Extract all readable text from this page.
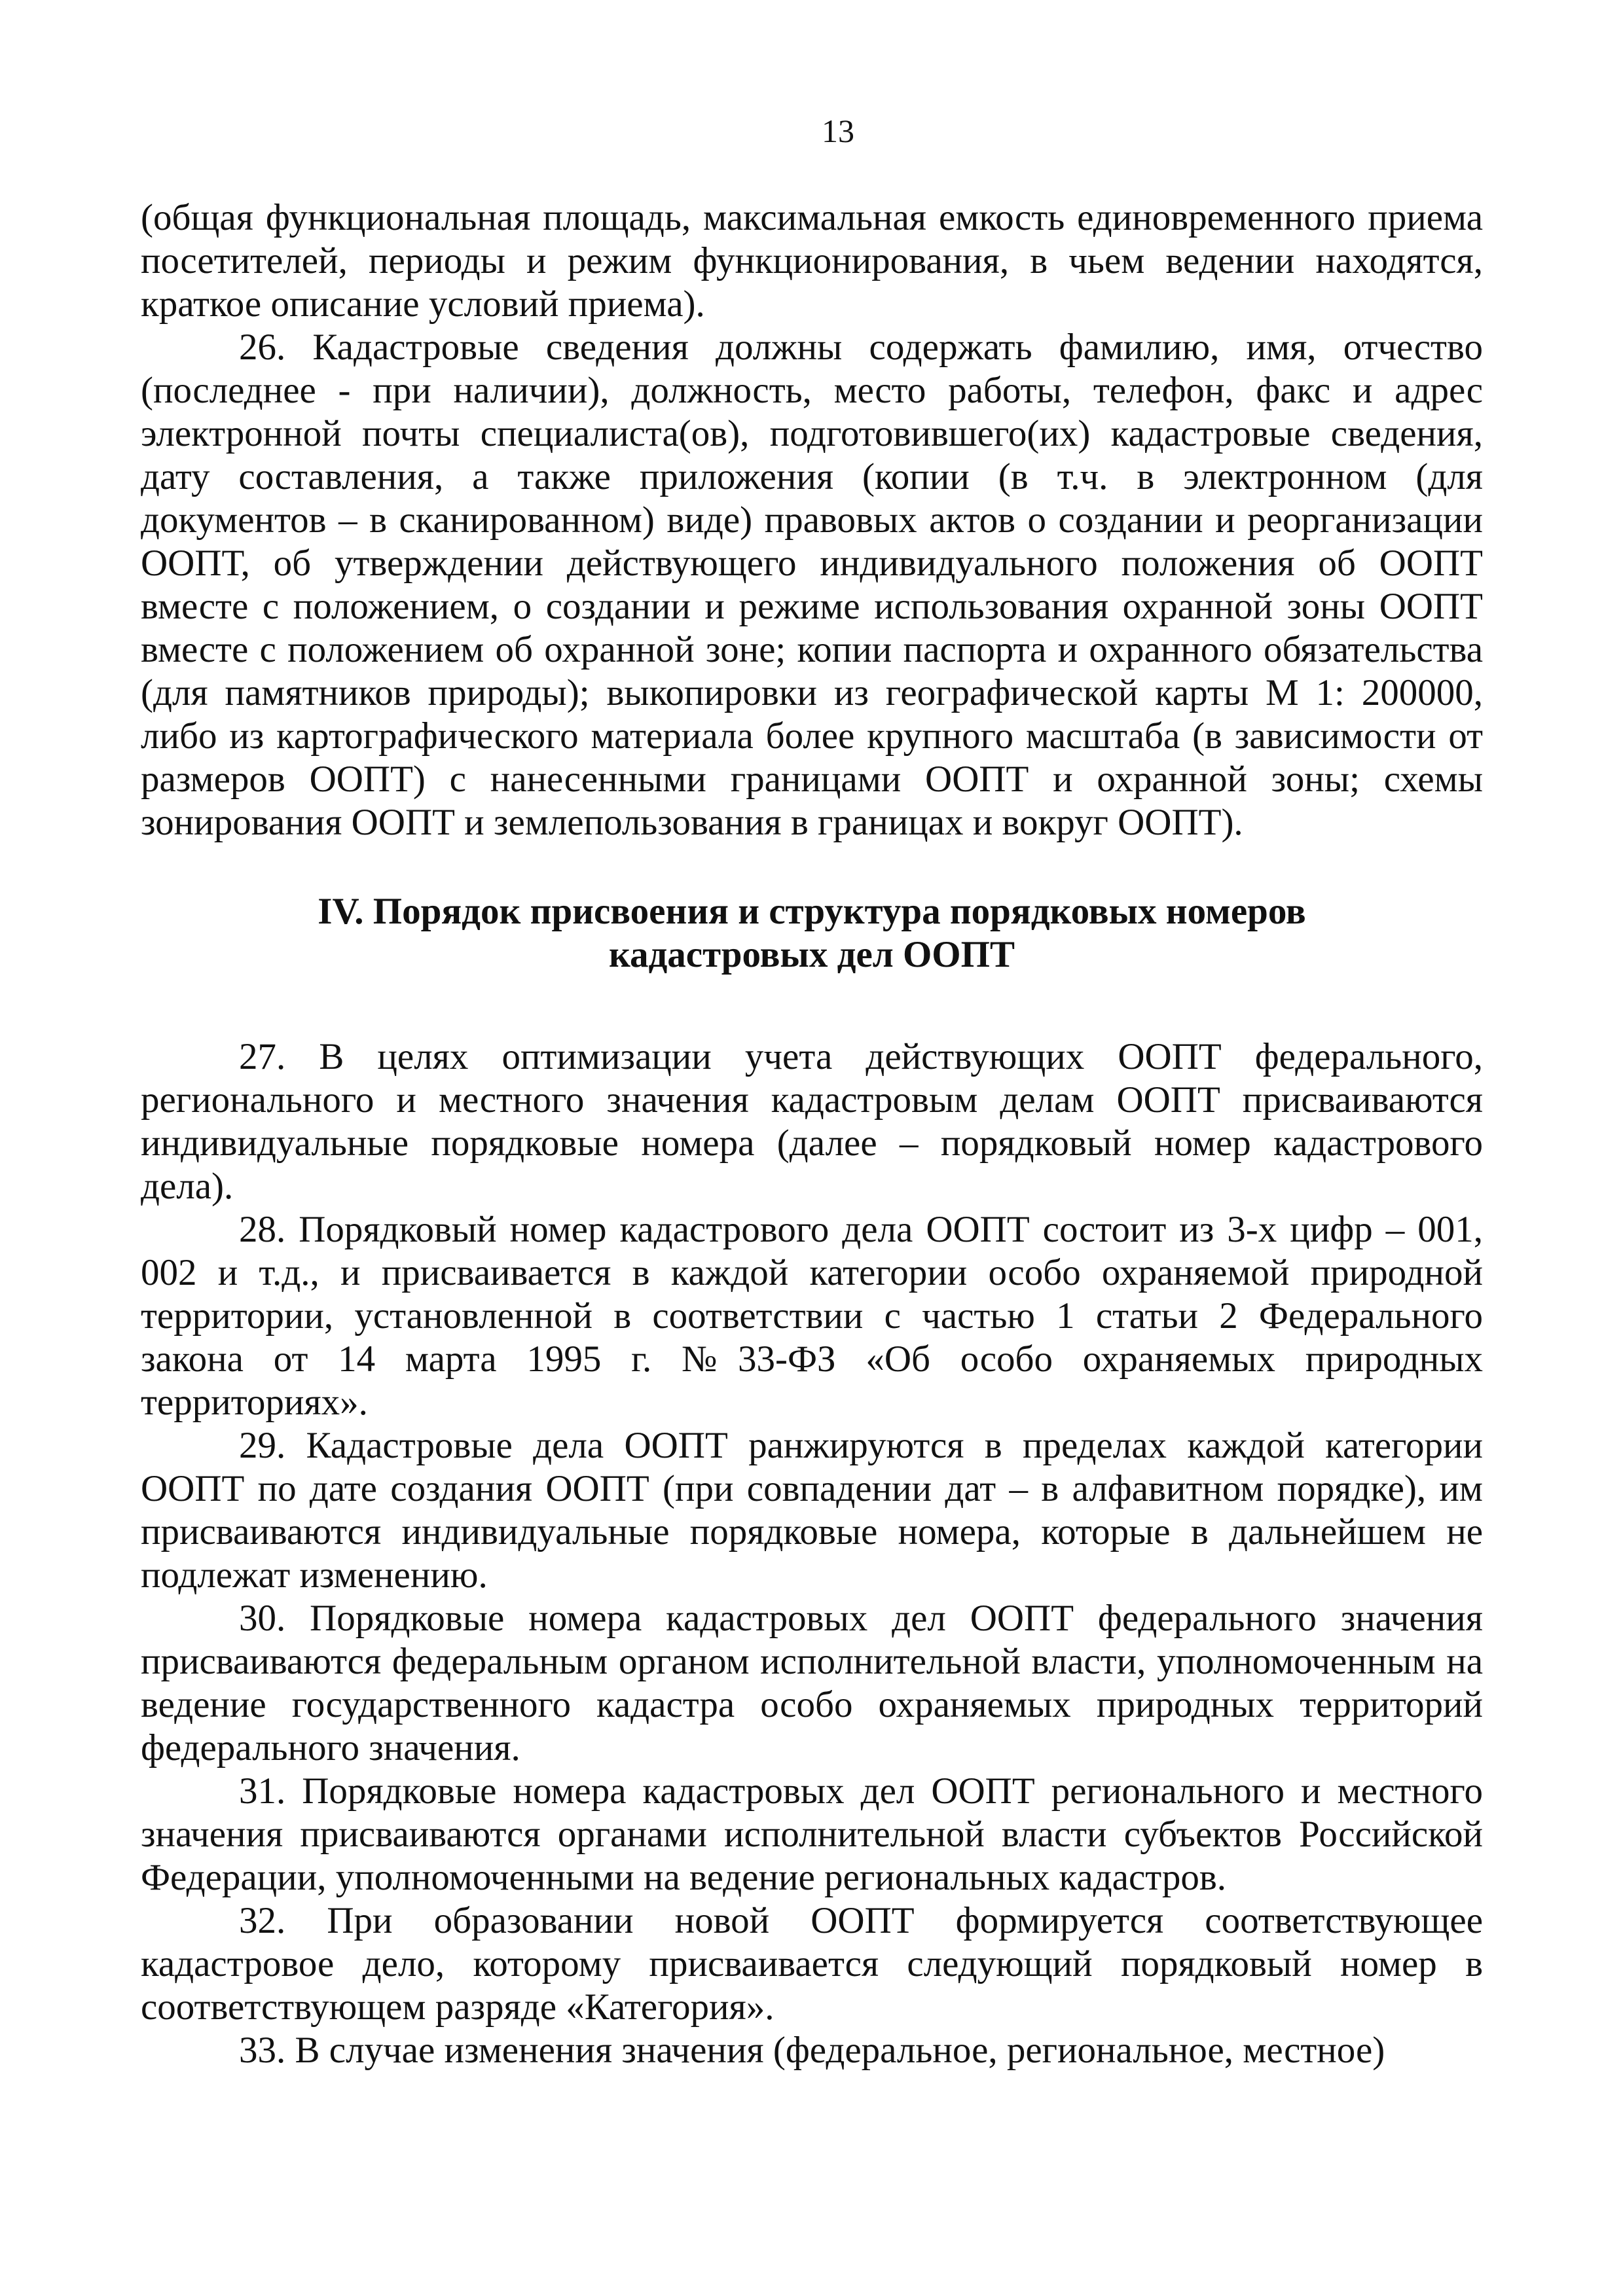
13

(общая функциональная площадь, максимальная емкость единовременного приема посетителей, периоды и режим функционирования, в чьем ведении находятся, краткое описание условий приема).

26. Кадастровые сведения должны содержать фамилию, имя, отчество (последнее - при наличии), должность, место работы, телефон, факс и адрес электронной почты специалиста(ов), подготовившего(их) кадастровые сведения, дату составления, а также приложения (копии (в т.ч. в электронном (для документов – в сканированном) виде) правовых актов о создании и реорганизации ООПТ, об утверждении действующего индивидуального положения об ООПТ вместе с положением, о создании и режиме использования охранной зоны ООПТ вместе с положением об охранной зоне; копии паспорта и охранного обязательства (для памятников природы); выкопировки из географической карты М 1: 200000, либо из картографического материала более крупного масштаба (в зависимости от размеров ООПТ) с нанесенными границами ООПТ и охранной зоны; схемы зонирования ООПТ и землепользования в границах и вокруг ООПТ).

IV. Порядок присвоения и структура порядковых номеров
кадастровых дел ООПТ

27. В целях оптимизации учета действующих ООПТ федерального, регионального и местного значения кадастровым делам ООПТ присваиваются индивидуальные порядковые номера (далее – порядковый номер кадастрового дела).

28. Порядковый номер кадастрового дела ООПТ состоит из 3-х цифр – 001, 002 и т.д., и присваивается в каждой категории особо охраняемой природной территории, установленной в соответствии с частью 1 статьи 2 Федерального закона от 14 марта 1995 г. №33-ФЗ «Об особо охраняемых природных территориях».

29. Кадастровые дела ООПТ ранжируются в пределах каждой категории ООПТ по дате создания ООПТ (при совпадении дат – в алфавитном порядке), им присваиваются индивидуальные порядковые номера, которые в дальнейшем не подлежат изменению.

30. Порядковые номера кадастровых дел ООПТ федерального значения присваиваются федеральным органом исполнительной власти, уполномоченным на ведение государственного кадастра особо охраняемых природных территорий федерального значения.

31. Порядковые номера кадастровых дел ООПТ регионального и местного значения присваиваются органами исполнительной власти субъектов Российской Федерации, уполномоченными на ведение региональных кадастров.

32. При образовании новой ООПТ формируется соответствующее кадастровое дело, которому присваивается следующий порядковый номер в соответствующем разряде «Категория».

33. В случае изменения значения (федеральное, региональное, местное)
